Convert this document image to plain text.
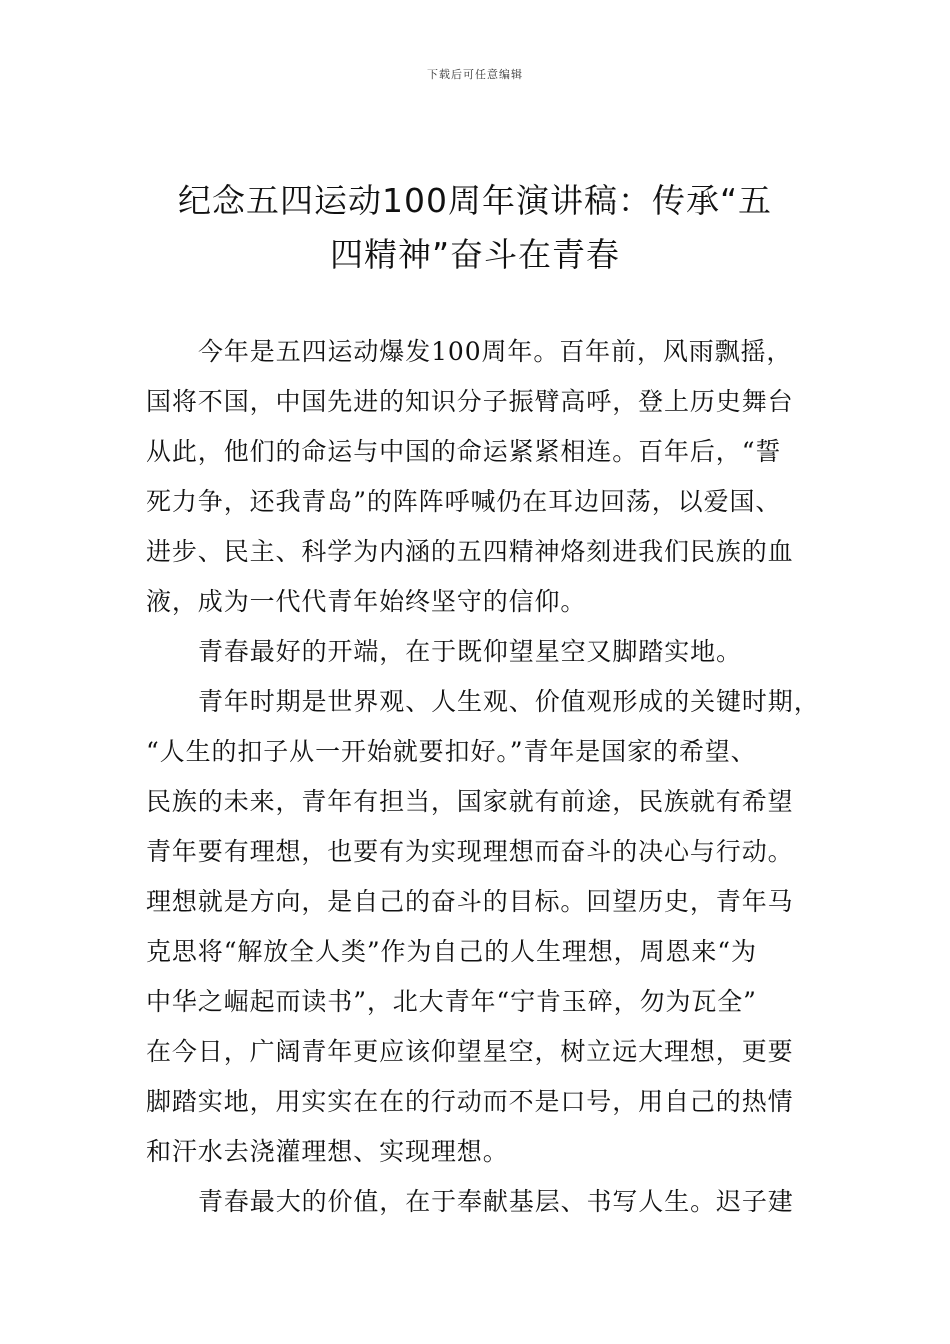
下载后可任意编辑
纪念五四运动100周年演讲稿：传承“五
四精神”奋斗在青春
今年是五四运动爆发100周年。百年前，风雨飘摇，
国将不国，中国先进的知识分子振臂高呼，登上历史舞台
从此，他们的命运与中国的命运紧紧相连。百年后，“誓
死力争，还我青岛”的阵阵呼喊仍在耳边回荡，以爱国、
进步、民主、科学为内涵的五四精神烙刻进我们民族的血
液，成为一代代青年始终坚守的信仰。
青春最好的开端，在于既仰望星空又脚踏实地。
青年时期是世界观、人生观、价值观形成的关键时期，
“人生的扣子从一开始就要扣好。”青年是国家的希望、
民族的未来，青年有担当，国家就有前途，民族就有希望
青年要有理想，也要有为实现理想而奋斗的决心与行动。
理想就是方向，是自己的奋斗的目标。回望历史，青年马
克思将“解放全人类”作为自己的人生理想，周恩来“为
中华之崛起而读书”，北大青年“宁肯玉碎，勿为瓦全”
在今日，广阔青年更应该仰望星空，树立远大理想，更要
脚踏实地，用实实在在的行动而不是口号，用自己的热情
和汗水去浇灌理想、实现理想。
青春最大的价值，在于奉献基层、书写人生。迟子建
